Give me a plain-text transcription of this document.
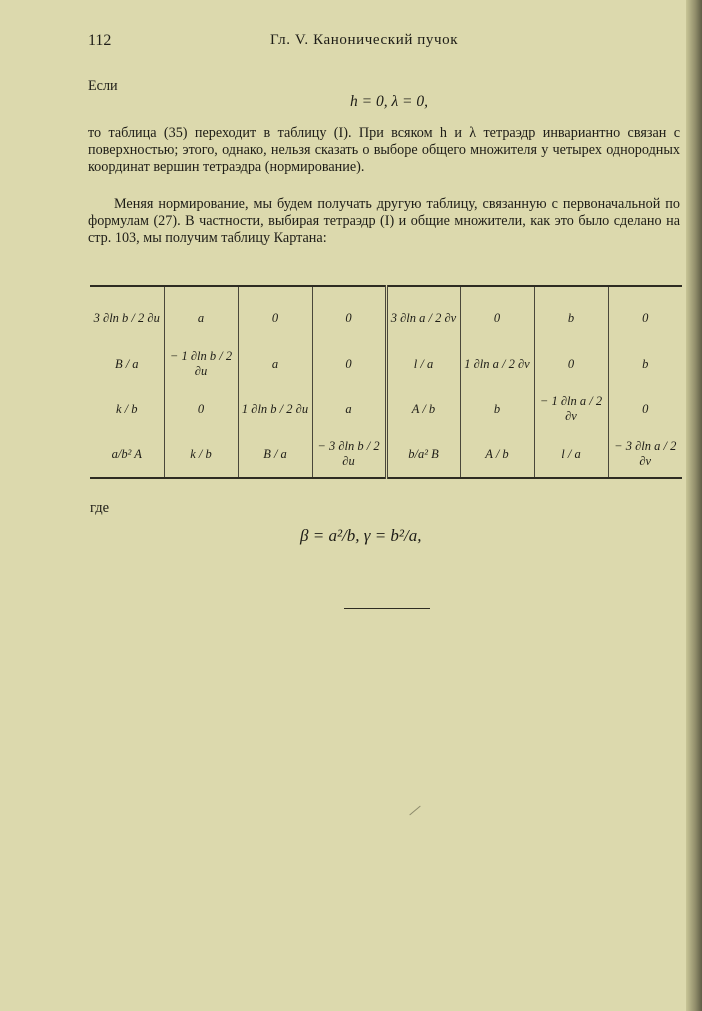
112	Гл. V. Канонический пучок
Если
h = 0, λ = 0,
то таблица (35) переходит в таблицу (I). При всяком h и λ тетраэдр инвариантно связан с поверхностью; этого, однако, нельзя сказать о выборе общего множителя у четырех однородных координат вершин тетраэдра (нормирование).
Меняя нормирование, мы будем получать другую таблицу, связанную с первоначальной по формулам (27). В частности, выбирая тетраэдр (I) и общие множители, как это было сделано на стр. 103, мы получим таблицу Картана:
3 ∂ln b / 2 ∂u	a	0	0	3 ∂ln a / 2 ∂v	0	b	0
B / a	− 1 ∂ln b / 2 ∂u	a	0	l / a	1 ∂ln a / 2 ∂v	0	b
k / b	0	1 ∂ln b / 2 ∂u	a	A / b	b	− 1 ∂ln a / 2 ∂v	0
a/b² A	k / b	B / a	− 3 ∂ln b / 2 ∂u	b/a² B	A / b	l / a	− 3 ∂ln a / 2 ∂v
где
β = a²/b, γ = b²/a,
